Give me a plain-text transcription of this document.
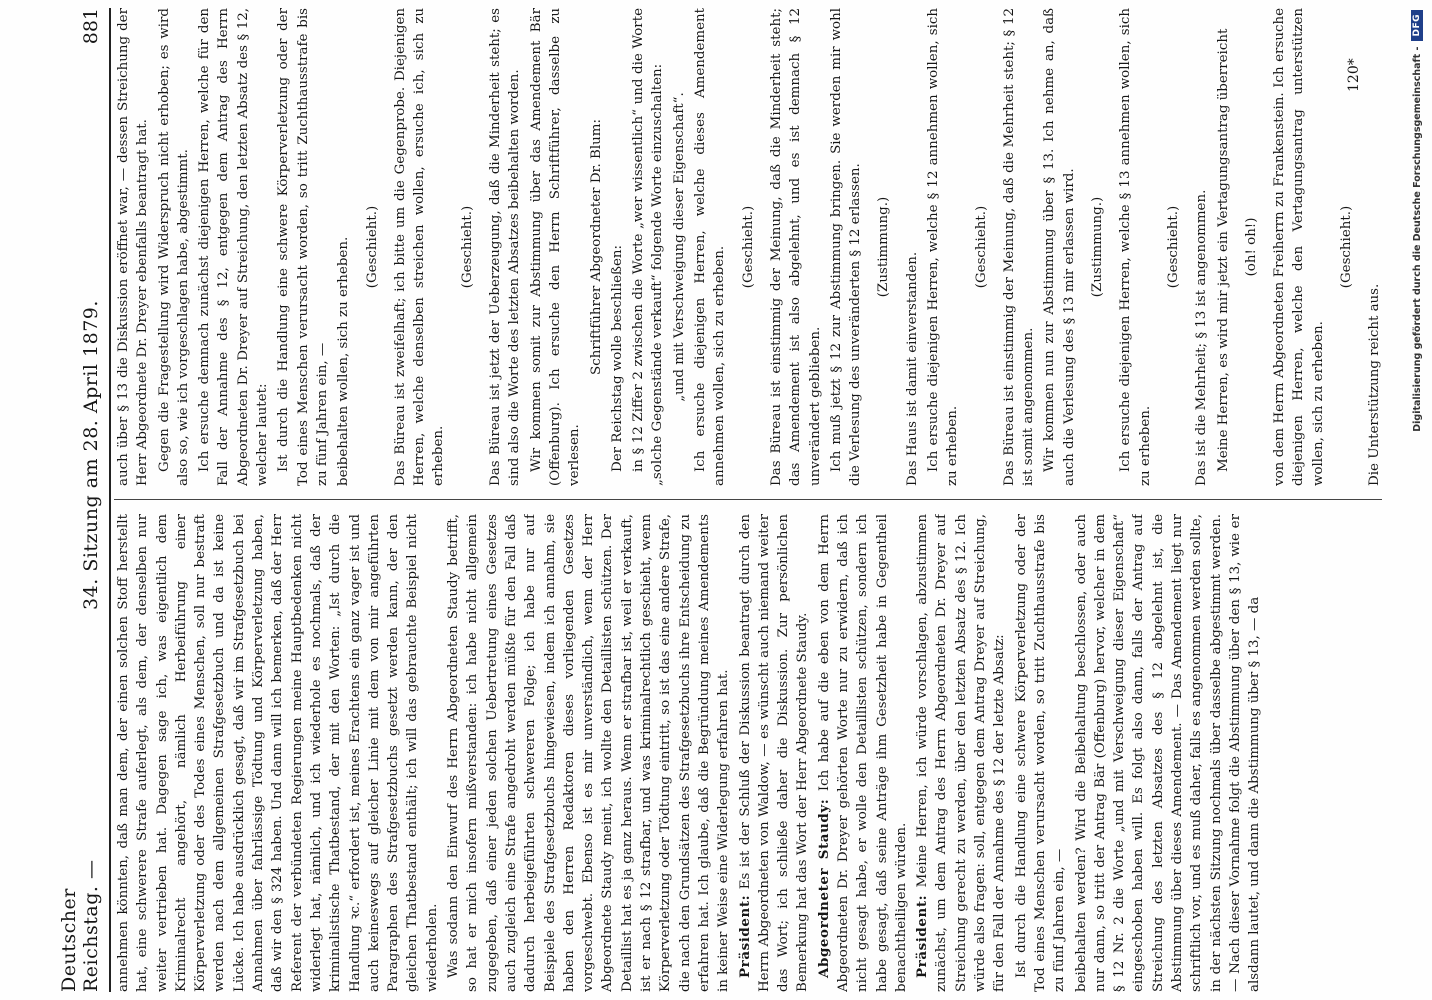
Deutscher Reichstag. —
34. Sitzung am 28. April 1879.
881

annehmen könnten, daß man dem, der einen solchen Stoff herstellt hat, eine schwerere Strafe auferlegt, als dem, der denselben nur weiter vertrieben hat. Dagegen sage ich, was eigentlich dem Kriminalrecht angehört, nämlich Herbeiführung einer Körperverletzung oder des Todes eines Menschen, soll nur bestraft werden nach dem allgemeinen Strafgesetzbuch und da ist keine Lücke. Ich habe ausdrücklich gesagt, daß wir im Strafgesetzbuch bei Annahmen über fahrlässige Tödtung und Körperverletzung haben, daß wir den § 324 haben. Und dann will ich bemerken, daß der Herr Referent der verbündeten Regierungen meine Hauptbedenken nicht widerlegt hat, nämlich, und ich wiederhole es nochmals, daß der kriminalistische Thatbestand, der mit den Worten: „Ist durch die Handlung ꝛc.“ erfordert ist, meines Erachtens ein ganz vager ist und auch keineswegs auf gleicher Linie mit dem von mir angeführten Paragraphen des Strafgesetzbuchs gesetzt werden kann, der den gleichen Thatbestand enthält; ich will das gebrauchte Beispiel nicht wiederholen. Was sodann den Einwurf des Herrn Abgeordneten Staudy betrifft, so hat er mich insofern mißverstanden: ich habe nicht allgemein zugegeben, daß einer jeden solchen Uebertretung eines Gesetzes auch zugleich eine Strafe angedroht werden müßte für den Fall daß dadurch herbeigeführten schwereren Folge; ich habe nur auf Beispiele des Strafgesetzbuchs hingewiesen, indem ich annahm, sie haben den Herren Redaktoren dieses vorliegenden Gesetzes vorgeschwebt. Ebenso ist es mir unverständlich, wenn der Herr Abgeordnete Staudy meint, ich wollte den Detaillisten schützen. Der Detaillist hat es ja ganz heraus. Wenn er strafbar ist, weil er verkauft, ist er nach § 12 strafbar, und was kriminalrechtlich geschieht, wenn Körperverletzung oder Tödtung eintritt, so ist das eine andere Strafe, die nach den Grundsätzen des Strafgesetzbuchs ihre Entscheidung zu erfahren hat. Ich glaube, daß die Begründung meines Amendements in keiner Weise eine Widerlegung erfahren hat. Präsident: Es ist der Schluß der Diskussion beantragt durch den Herrn Abgeordneten von Waldow, — es wünscht auch niemand weiter das Wort; ich schließe daher die Diskussion. Zur persönlichen Bemerkung hat das Wort der Herr Abgeordnete Staudy. Abgeordneter Staudy: Ich habe auf die eben von dem Herrn Abgeordneten Dr. Dreyer gehörten Worte nur zu erwidern, daß ich nicht gesagt habe, er wolle den Detaillisten schützen, sondern ich habe gesagt, daß seine Anträge ihm Gesetzheit habe in Gegentheil benachtheiligen würden. Präsident: Meine Herren, ich würde vorschlagen, abzustimmen zunächst, um dem Antrag des Herrn Abgeordneten Dr. Dreyer auf Streichung gerecht zu werden, über den letzten Absatz des § 12. Ich würde also fragen: soll, entgegen dem Antrag Dreyer auf Streichung, für den Fall der Annahme des § 12 der letzte Absatz: Ist durch die Handlung eine schwere Körperverletzung oder der Tod eines Menschen verursacht worden, so tritt Zuchthausstrafe bis zu fünf Jahren ein, — beibehalten werden? Wird die Beibehaltung beschlossen, oder auch nur dann, so tritt der Antrag Bär (Offenburg) hervor, welcher in dem § 12 Nr. 2 die Worte „und mit Verschweigung dieser Eigenschaft“ eingeschoben haben will. Es folgt also dann, falls der Antrag auf Streichung des letzten Absatzes des § 12 abgelehnt ist, die Abstimmung über dieses Amendement. — Das Amendement liegt nur schriftlich vor, und es muß daher, falls es angenommen werden sollte, in der nächsten Sitzung nochmals über dasselbe abgestimmt werden. — Nach dieser Vornahme folgt die Abstimmung über den § 13, wie er alsdann lautet, und dann die Abstimmung über § 13, — da

auch über § 13 die Diskussion eröffnet war, — dessen Streichung der Herr Abgeordnete Dr. Dreyer ebenfalls beantragt hat. Gegen die Fragestellung wird Widerspruch nicht erhoben; es wird also so, wie ich vorgeschlagen habe, abgestimmt. Ich ersuche demnach zunächst diejenigen Herren, welche für den Fall der Annahme des § 12, entgegen dem Antrag des Herrn Abgeordneten Dr. Dreyer auf Streichung, den letzten Absatz des § 12, welcher lautet: Ist durch die Handlung eine schwere Körperverletzung oder der Tod eines Menschen verursacht worden, so tritt Zuchthausstrafe bis zu fünf Jahren ein, — beibehalten wollen, sich zu erheben. (Geschieht.) Das Büreau ist zweifelhaft; ich bitte um die Gegenprobe. Diejenigen Herren, welche denselben streichen wollen, ersuche ich, sich zu erheben.

(Geschieht.) Das Büreau ist jetzt der Ueberzeugung, daß die Minderheit steht; es sind also die Worte des letzten Absatzes beibehalten worden. Wir kommen somit zur Abstimmung über das Amendement Bär (Offenburg). Ich ersuche den Herrn Schriftführer, dasselbe zu verlesen.

Schriftführer Abgeordneter Dr. Blum: Der Reichstag wolle beschließen: in § 12 Ziffer 2 zwischen die Worte „wer wissentlich“ und die Worte „solche Gegenstände verkauft“ folgende Worte einzuschalten: „und mit Verschweigung dieser Eigenschaft“. Ich ersuche diejenigen Herren, welche dieses Amendement annehmen wollen, sich zu erheben. (Geschieht.) Das Büreau ist einstimmig der Meinung, daß die Minderheit steht; das Amendement ist also abgelehnt, und es ist demnach § 12 unverändert geblieben. Ich muß jetzt § 12 zur Abstimmung bringen. Sie werden mir wohl die Verlesung des unveränderten § 12 erlassen. (Zustimmung.)

Das Haus ist damit einverstanden. Ich ersuche diejenigen Herren, welche § 12 annehmen wollen, sich zu erheben.

(Geschieht.) Das Büreau ist einstimmig der Meinung, daß die Mehrheit steht; § 12 ist somit angenommen. Wir kommen nun zur Abstimmung über § 13. Ich nehme an, daß auch die Verlesung des § 13 mir erlassen wird. (Zustimmung.) Ich ersuche diejenigen Herren, welche § 13 annehmen wollen, sich zu erheben.

(Geschieht.) Das ist die Mehrheit; § 13 ist angenommen. Meine Herren, es wird mir jetzt ein Vertagungsantrag überreicht (oh! oh!) von dem Herrn Abgeordneten Freiherrn zu Frankenstein. Ich ersuche diejenigen Herren, welche den Vertagungsantrag unterstützen wollen, sich zu erheben.

(Geschieht.)

Die Unterstützung reicht aus.

120*	Digitalisierung gefördert durch die Deutsche Forschungsgemeinschaft -
DFG
